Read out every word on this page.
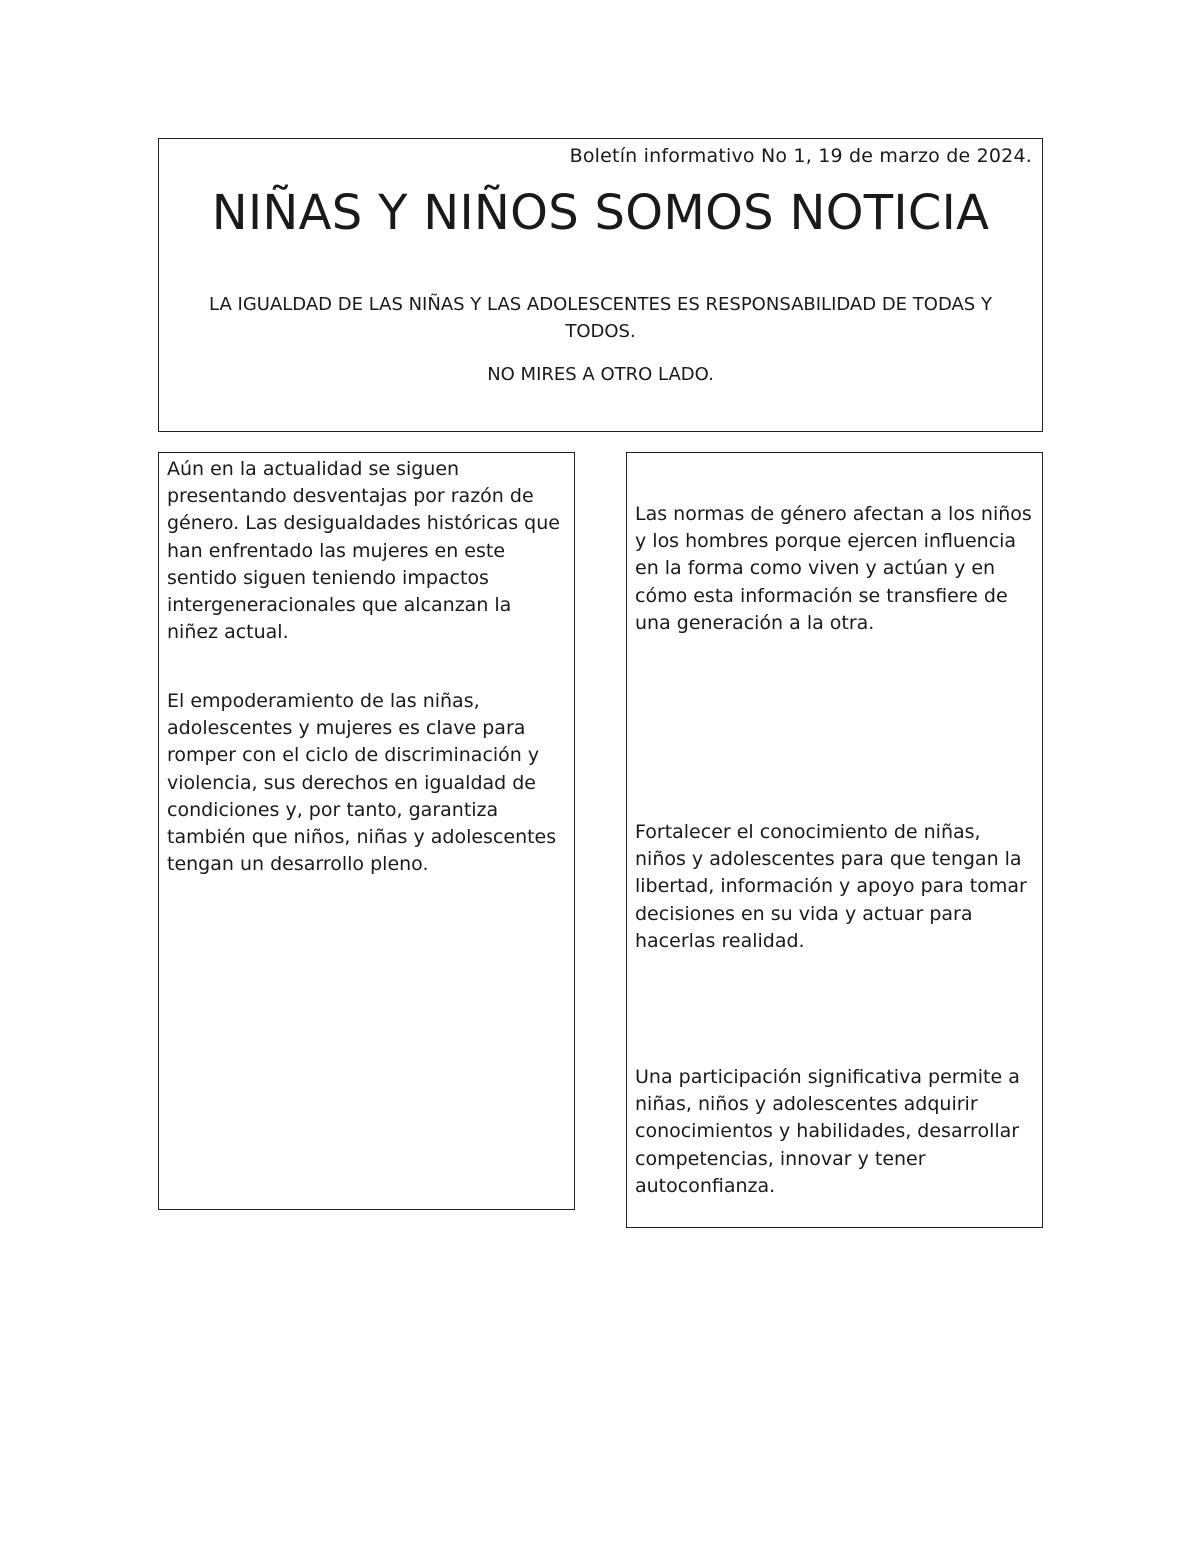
Boletín informativo No 1, 19 de marzo de 2024.
NIÑAS Y NIÑOS SOMOS NOTICIA

LA IGUALDAD DE LAS NIÑAS Y LAS ADOLESCENTES ES RESPONSABILIDAD DE TODAS Y TODOS.

NO MIRES A OTRO LADO.

Aún en la actualidad se siguen presentando desventajas por razón de género. Las desigualdades históricas que han enfrentado las mujeres en este sentido siguen teniendo impactos intergeneracionales que alcanzan la niñez actual.

El empoderamiento de las niñas, adolescentes y mujeres es clave para romper con el ciclo de discriminación y violencia, sus derechos en igualdad de condiciones y, por tanto, garantiza también que niños, niñas y adolescentes tengan un desarrollo pleno.

Las normas de género afectan a los niños y los hombres porque ejercen influencia en la forma como viven y actúan y en cómo esta información se transfiere de una generación a la otra.

Fortalecer el conocimiento de niñas, niños y adolescentes para que tengan la libertad, información y apoyo para tomar decisiones en su vida y actuar para hacerlas realidad.

Una participación significativa permite a niñas, niños y adolescentes adquirir conocimientos y habilidades, desarrollar competencias, innovar y tener autoconfianza.
